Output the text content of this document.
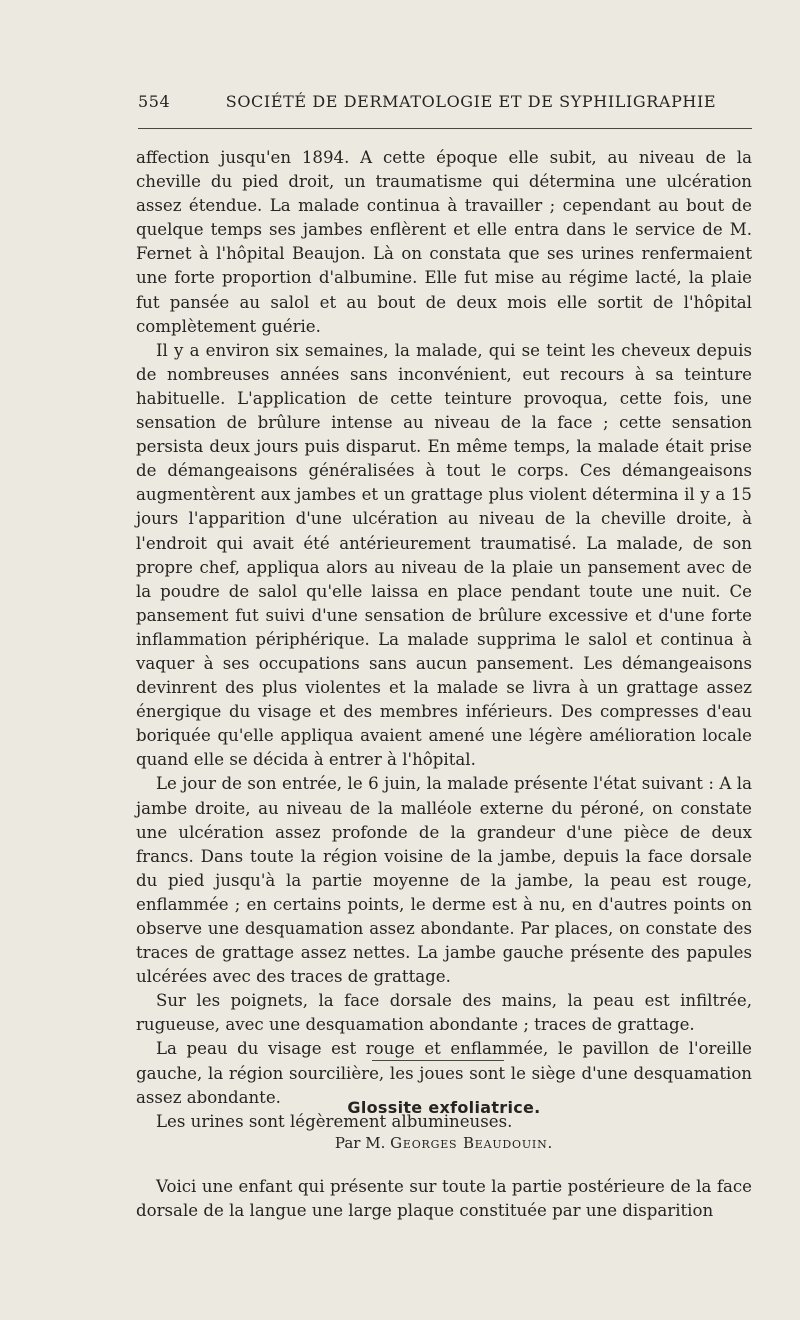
554	SOCIÉTÉ DE DERMATOLOGIE ET DE SYPHILIGRAPHIE

affection jusqu'en 1894. A cette époque elle subit, au niveau de la cheville du pied droit, un traumatisme qui détermina une ulcération assez étendue. La malade continua à travailler ; cependant au bout de quelque temps ses jambes enflèrent et elle entra dans le service de M. Fernet à l'hôpital Beaujon. Là on constata que ses urines renfermaient une forte proportion d'albumine. Elle fut mise au régime lacté, la plaie fut pansée au salol et au bout de deux mois elle sortit de l'hôpital complètement guérie.

Il y a environ six semaines, la malade, qui se teint les cheveux depuis de nombreuses années sans inconvénient, eut recours à sa teinture habituelle. L'application de cette teinture provoqua, cette fois, une sensation de brûlure intense au niveau de la face ; cette sensation persista deux jours puis disparut. En même temps, la malade était prise de démangeaisons généralisées à tout le corps. Ces démangeaisons augmentèrent aux jambes et un grattage plus violent détermina il y a 15 jours l'apparition d'une ulcération au niveau de la cheville droite, à l'endroit qui avait été antérieurement traumatisé. La malade, de son propre chef, appliqua alors au niveau de la plaie un pansement avec de la poudre de salol qu'elle laissa en place pendant toute une nuit. Ce pansement fut suivi d'une sensation de brûlure excessive et d'une forte inflammation périphérique. La malade supprima le salol et continua à vaquer à ses occupations sans aucun pansement. Les démangeaisons devinrent des plus violentes et la malade se livra à un grattage assez énergique du visage et des membres inférieurs. Des compresses d'eau boriquée qu'elle appliqua avaient amené une légère amélioration locale quand elle se décida à entrer à l'hôpital.

Le jour de son entrée, le 6 juin, la malade présente l'état suivant : A la jambe droite, au niveau de la malléole externe du péroné, on constate une ulcération assez profonde de la grandeur d'une pièce de deux francs. Dans toute la région voisine de la jambe, depuis la face dorsale du pied jusqu'à la partie moyenne de la jambe, la peau est rouge, enflammée ; en certains points, le derme est à nu, en d'autres points on observe une desquamation assez abondante. Par places, on constate des traces de grattage assez nettes. La jambe gauche présente des papules ulcérées avec des traces de grattage.

Sur les poignets, la face dorsale des mains, la peau est infiltrée, rugueuse, avec une desquamation abondante ; traces de grattage.

La peau du visage est rouge et enflammée, le pavillon de l'oreille gauche, la région sourcilière, les joues sont le siège d'une desquamation assez abondante.

Les urines sont légèrement albumineuses.

Glossite exfoliatrice.
Par M. Georges Beaudouin.

Voici une enfant qui présente sur toute la partie postérieure de la face dorsale de la langue une large plaque constituée par une disparition
